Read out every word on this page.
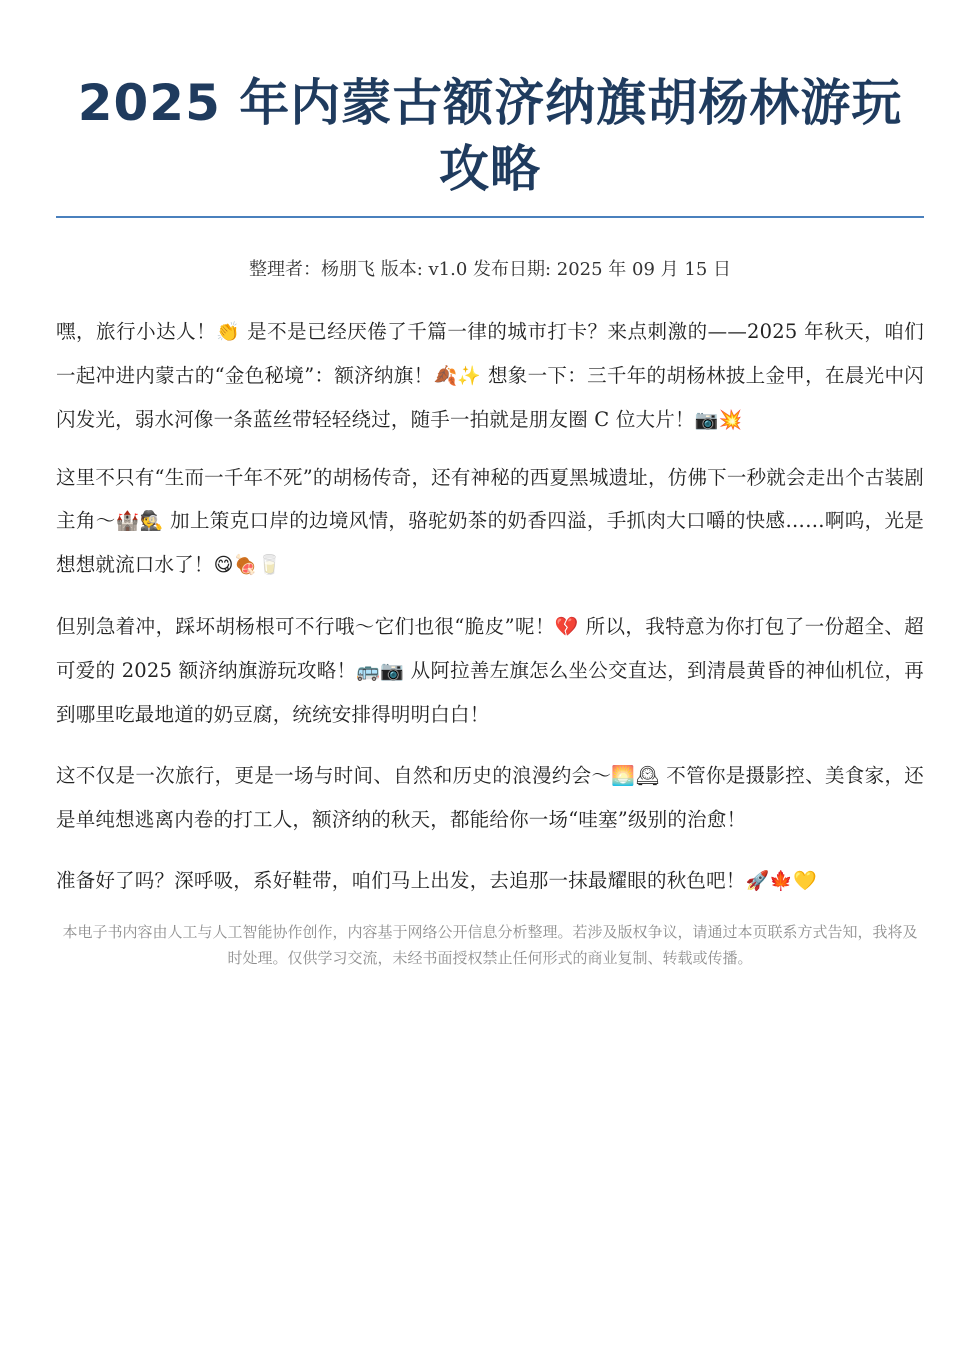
2025 年内蒙古额济纳旗胡杨林游玩攻略
整理者：杨朋飞 版本: v1.0 发布日期: 2025 年 09 月 15 日

嘿，旅行小达人！👏 是不是已经厌倦了千篇一律的城市打卡？来点刺激的——2025 年秋天，咱们一起冲进内蒙古的“金色秘境”：额济纳旗！🍂✨ 想象一下：三千年的胡杨林披上金甲，在晨光中闪闪发光，弱水河像一条蓝丝带轻轻绕过，随手一拍就是朋友圈 C 位大片！📷💥

这里不只有“生而一千年不死”的胡杨传奇，还有神秘的西夏黑城遗址，仿佛下一秒就会走出个古装剧主角～🏰🕵 加上策克口岸的边境风情，骆驼奶茶的奶香四溢，手抓肉大口嚼的快感……啊呜，光是想想就流口水了！😋🍖🥛

但别急着冲，踩坏胡杨根可不行哦～它们也很“脆皮”呢！💔 所以，我特意为你打包了一份超全、超可爱的 2025 额济纳旗游玩攻略！🚌📷 从阿拉善左旗怎么坐公交直达，到清晨黄昏的神仙机位，再到哪里吃最地道的奶豆腐，统统安排得明明白白！

这不仅是一次旅行，更是一场与时间、自然和历史的浪漫约会～🌅🕰 不管你是摄影控、美食家，还是单纯想逃离内卷的打工人，额济纳的秋天，都能给你一场“哇塞”级别的治愈！

准备好了吗？深呼吸，系好鞋带，咱们马上出发，去追那一抹最耀眼的秋色吧！🚀🍁💛

本电子书内容由人工与人工智能协作创作，内容基于网络公开信息分析整理。若涉及版权争议，请通过本页联系方式告知，我将及时处理。仅供学习交流，未经书面授权禁止任何形式的商业复制、转载或传播。
